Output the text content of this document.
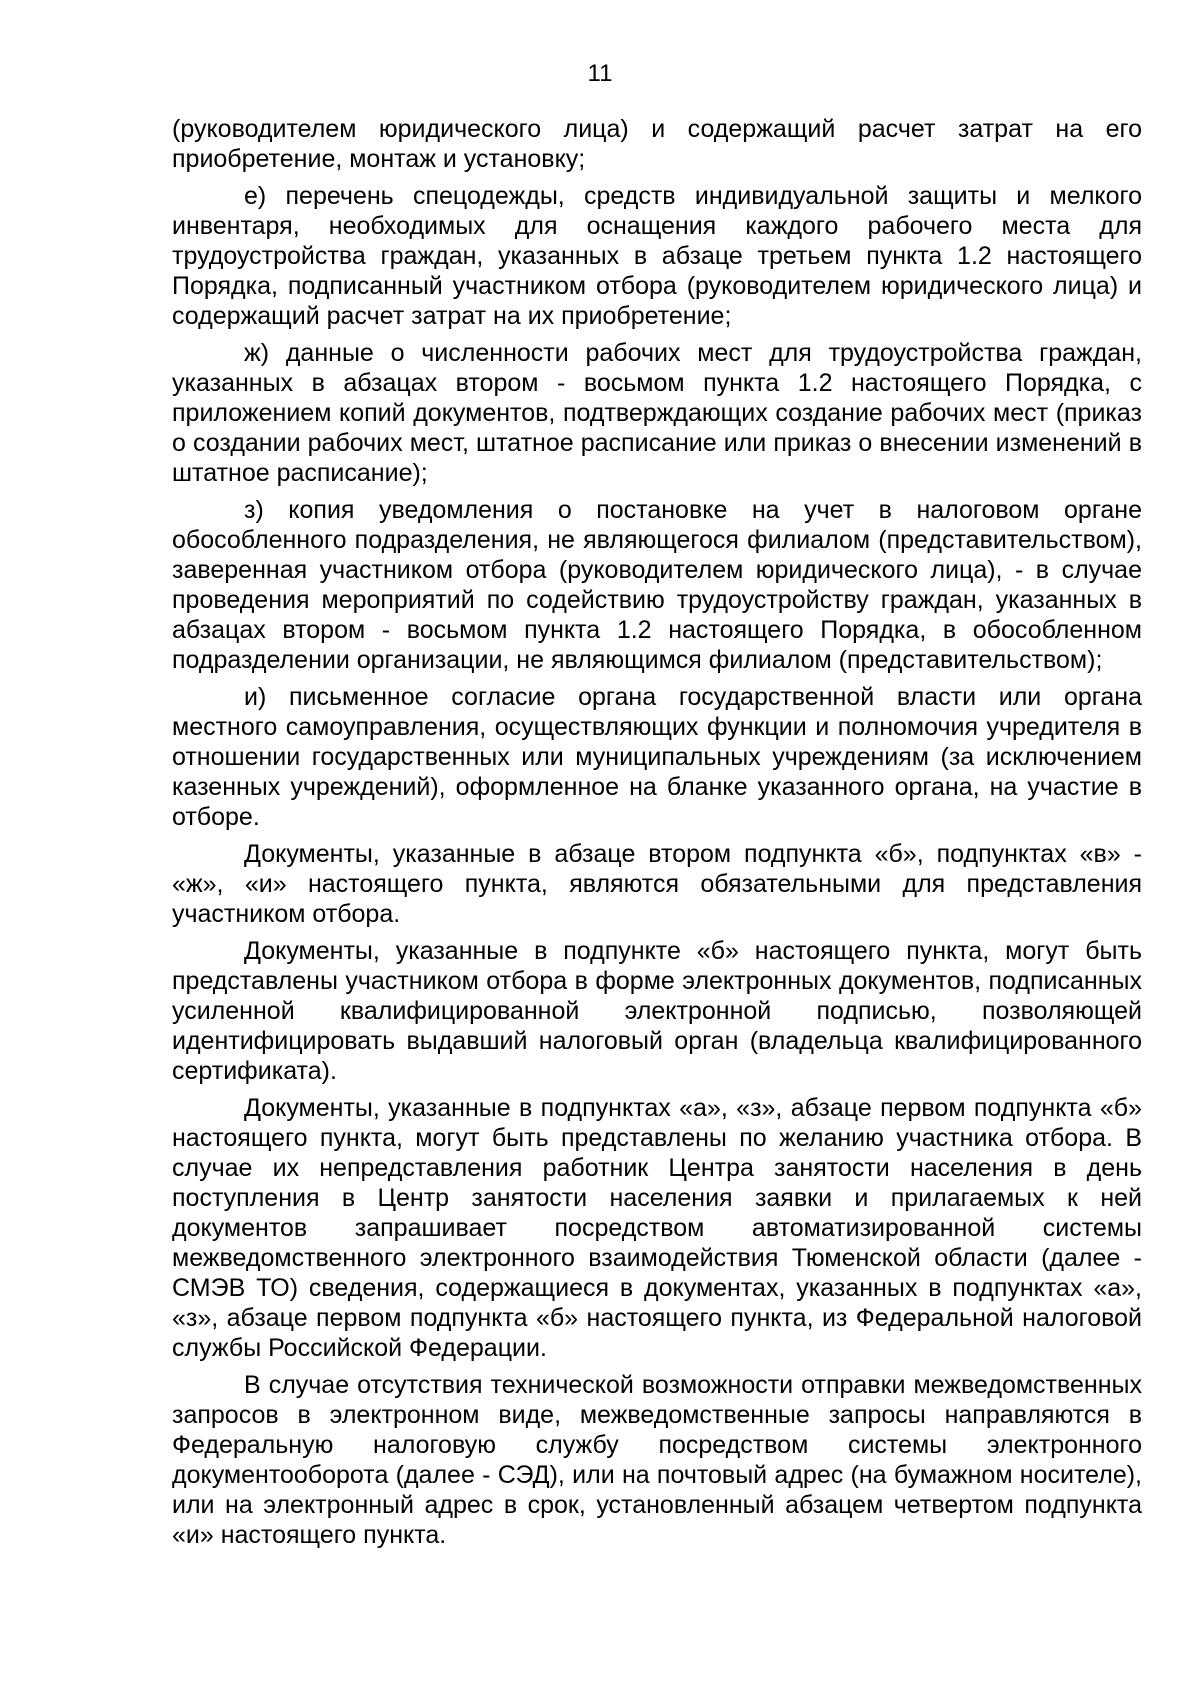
11

(руководителем юридического лица) и содержащий расчет затрат на его приобретение, монтаж и установку;

е) перечень спецодежды, средств индивидуальной защиты и мелкого инвентаря, необходимых для оснащения каждого рабочего места для трудоустройства граждан, указанных в абзаце третьем пункта 1.2 настоящего Порядка, подписанный участником отбора (руководителем юридического лица) и содержащий расчет затрат на их приобретение;

ж) данные о численности рабочих мест для трудоустройства граждан, указанных в абзацах втором - восьмом пункта 1.2 настоящего Порядка, с приложением копий документов, подтверждающих создание рабочих мест (приказ о создании рабочих мест, штатное расписание или приказ о внесении изменений в штатное расписание);

з) копия уведомления о постановке на учет в налоговом органе обособленного подразделения, не являющегося филиалом (представительством), заверенная участником отбора (руководителем юридического лица), - в случае проведения мероприятий по содействию трудоустройству граждан, указанных в абзацах втором - восьмом пункта 1.2 настоящего Порядка, в обособленном подразделении организации, не являющимся филиалом (представительством);

и) письменное согласие органа государственной власти или органа местного самоуправления, осуществляющих функции и полномочия учредителя в отношении государственных или муниципальных учреждениям (за исключением казенных учреждений), оформленное на бланке указанного органа, на участие в отборе.

Документы, указанные в абзаце втором подпункта «б», подпунктах «в» - «ж», «и» настоящего пункта, являются обязательными для представления участником отбора.

Документы, указанные в подпункте «б» настоящего пункта, могут быть представлены участником отбора в форме электронных документов, подписанных усиленной квалифицированной электронной подписью, позволяющей идентифицировать выдавший налоговый орган (владельца квалифицированного сертификата).

Документы, указанные в подпунктах «а», «з», абзаце первом подпункта «б» настоящего пункта, могут быть представлены по желанию участника отбора. В случае их непредставления работник Центра занятости населения в день поступления в Центр занятости населения заявки и прилагаемых к ней документов запрашивает посредством автоматизированной системы межведомственного электронного взаимодействия Тюменской области (далее - СМЭВ ТО) сведения, содержащиеся в документах, указанных в подпунктах «а», «з», абзаце первом подпункта «б» настоящего пункта, из Федеральной налоговой службы Российской Федерации.

В случае отсутствия технической возможности отправки межведомственных запросов в электронном виде, межведомственные запросы направляются в Федеральную налоговую службу посредством системы электронного документооборота (далее - СЭД), или на почтовый адрес (на бумажном носителе), или на электронный адрес в срок, установленный абзацем четвертом подпункта «и» настоящего пункта.
